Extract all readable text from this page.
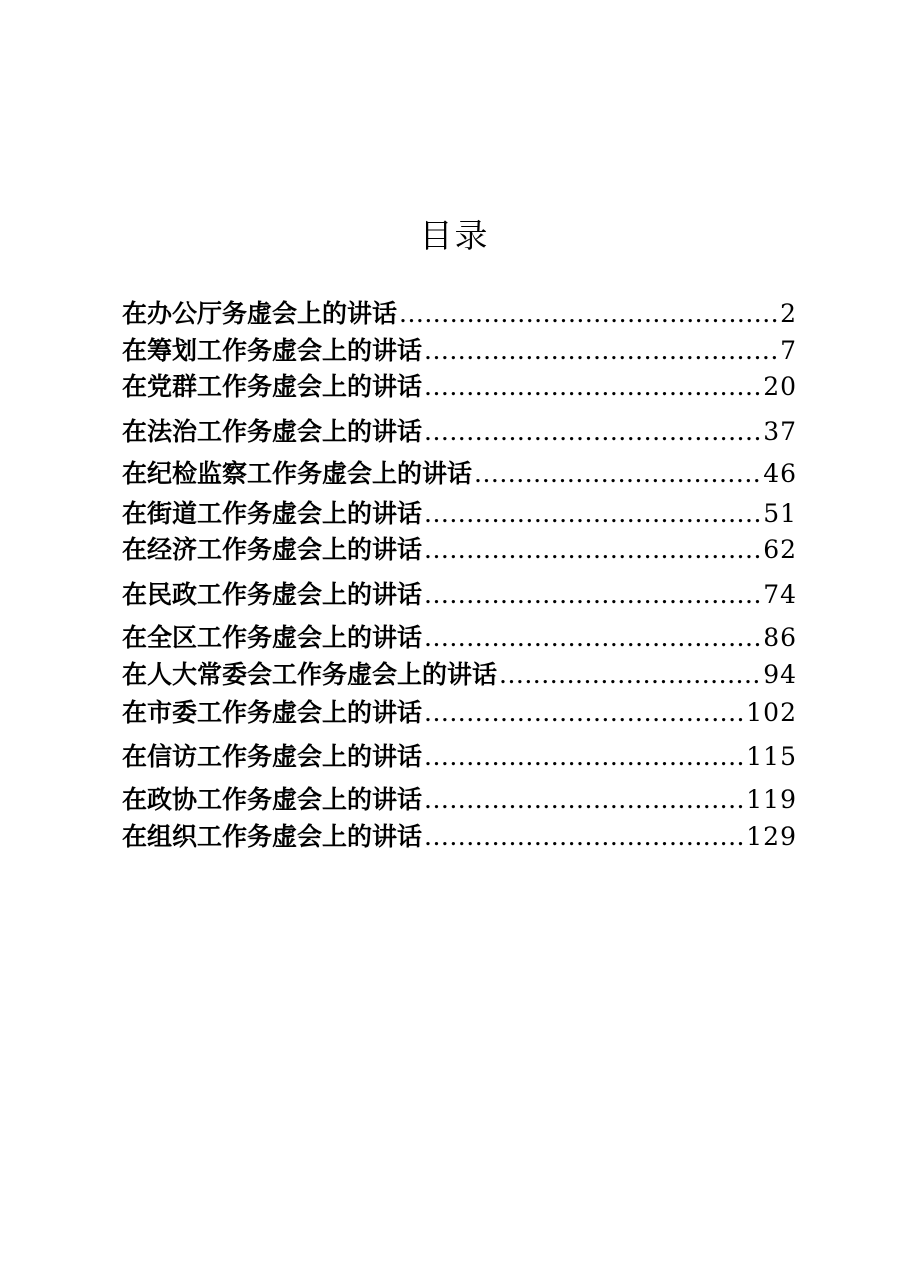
目录
在办公厅务虚会上的讲话 .....	2
在筹划工作务虚会上的讲话 .....	7
在党群工作务虚会上的讲话 .....	20
在法治工作务虚会上的讲话 .....	37
在纪检监察工作务虚会上的讲话 .....	46
在街道工作务虚会上的讲话 .....	51
在经济工作务虚会上的讲话 .....	62
在民政工作务虚会上的讲话 .....	74
在全区工作务虚会上的讲话 .....	86
在人大常委会工作务虚会上的讲话 .....	94
在市委工作务虚会上的讲话 .....	102
在信访工作务虚会上的讲话 .....	115
在政协工作务虚会上的讲话 .....	119
在组织工作务虚会上的讲话 .....	129
